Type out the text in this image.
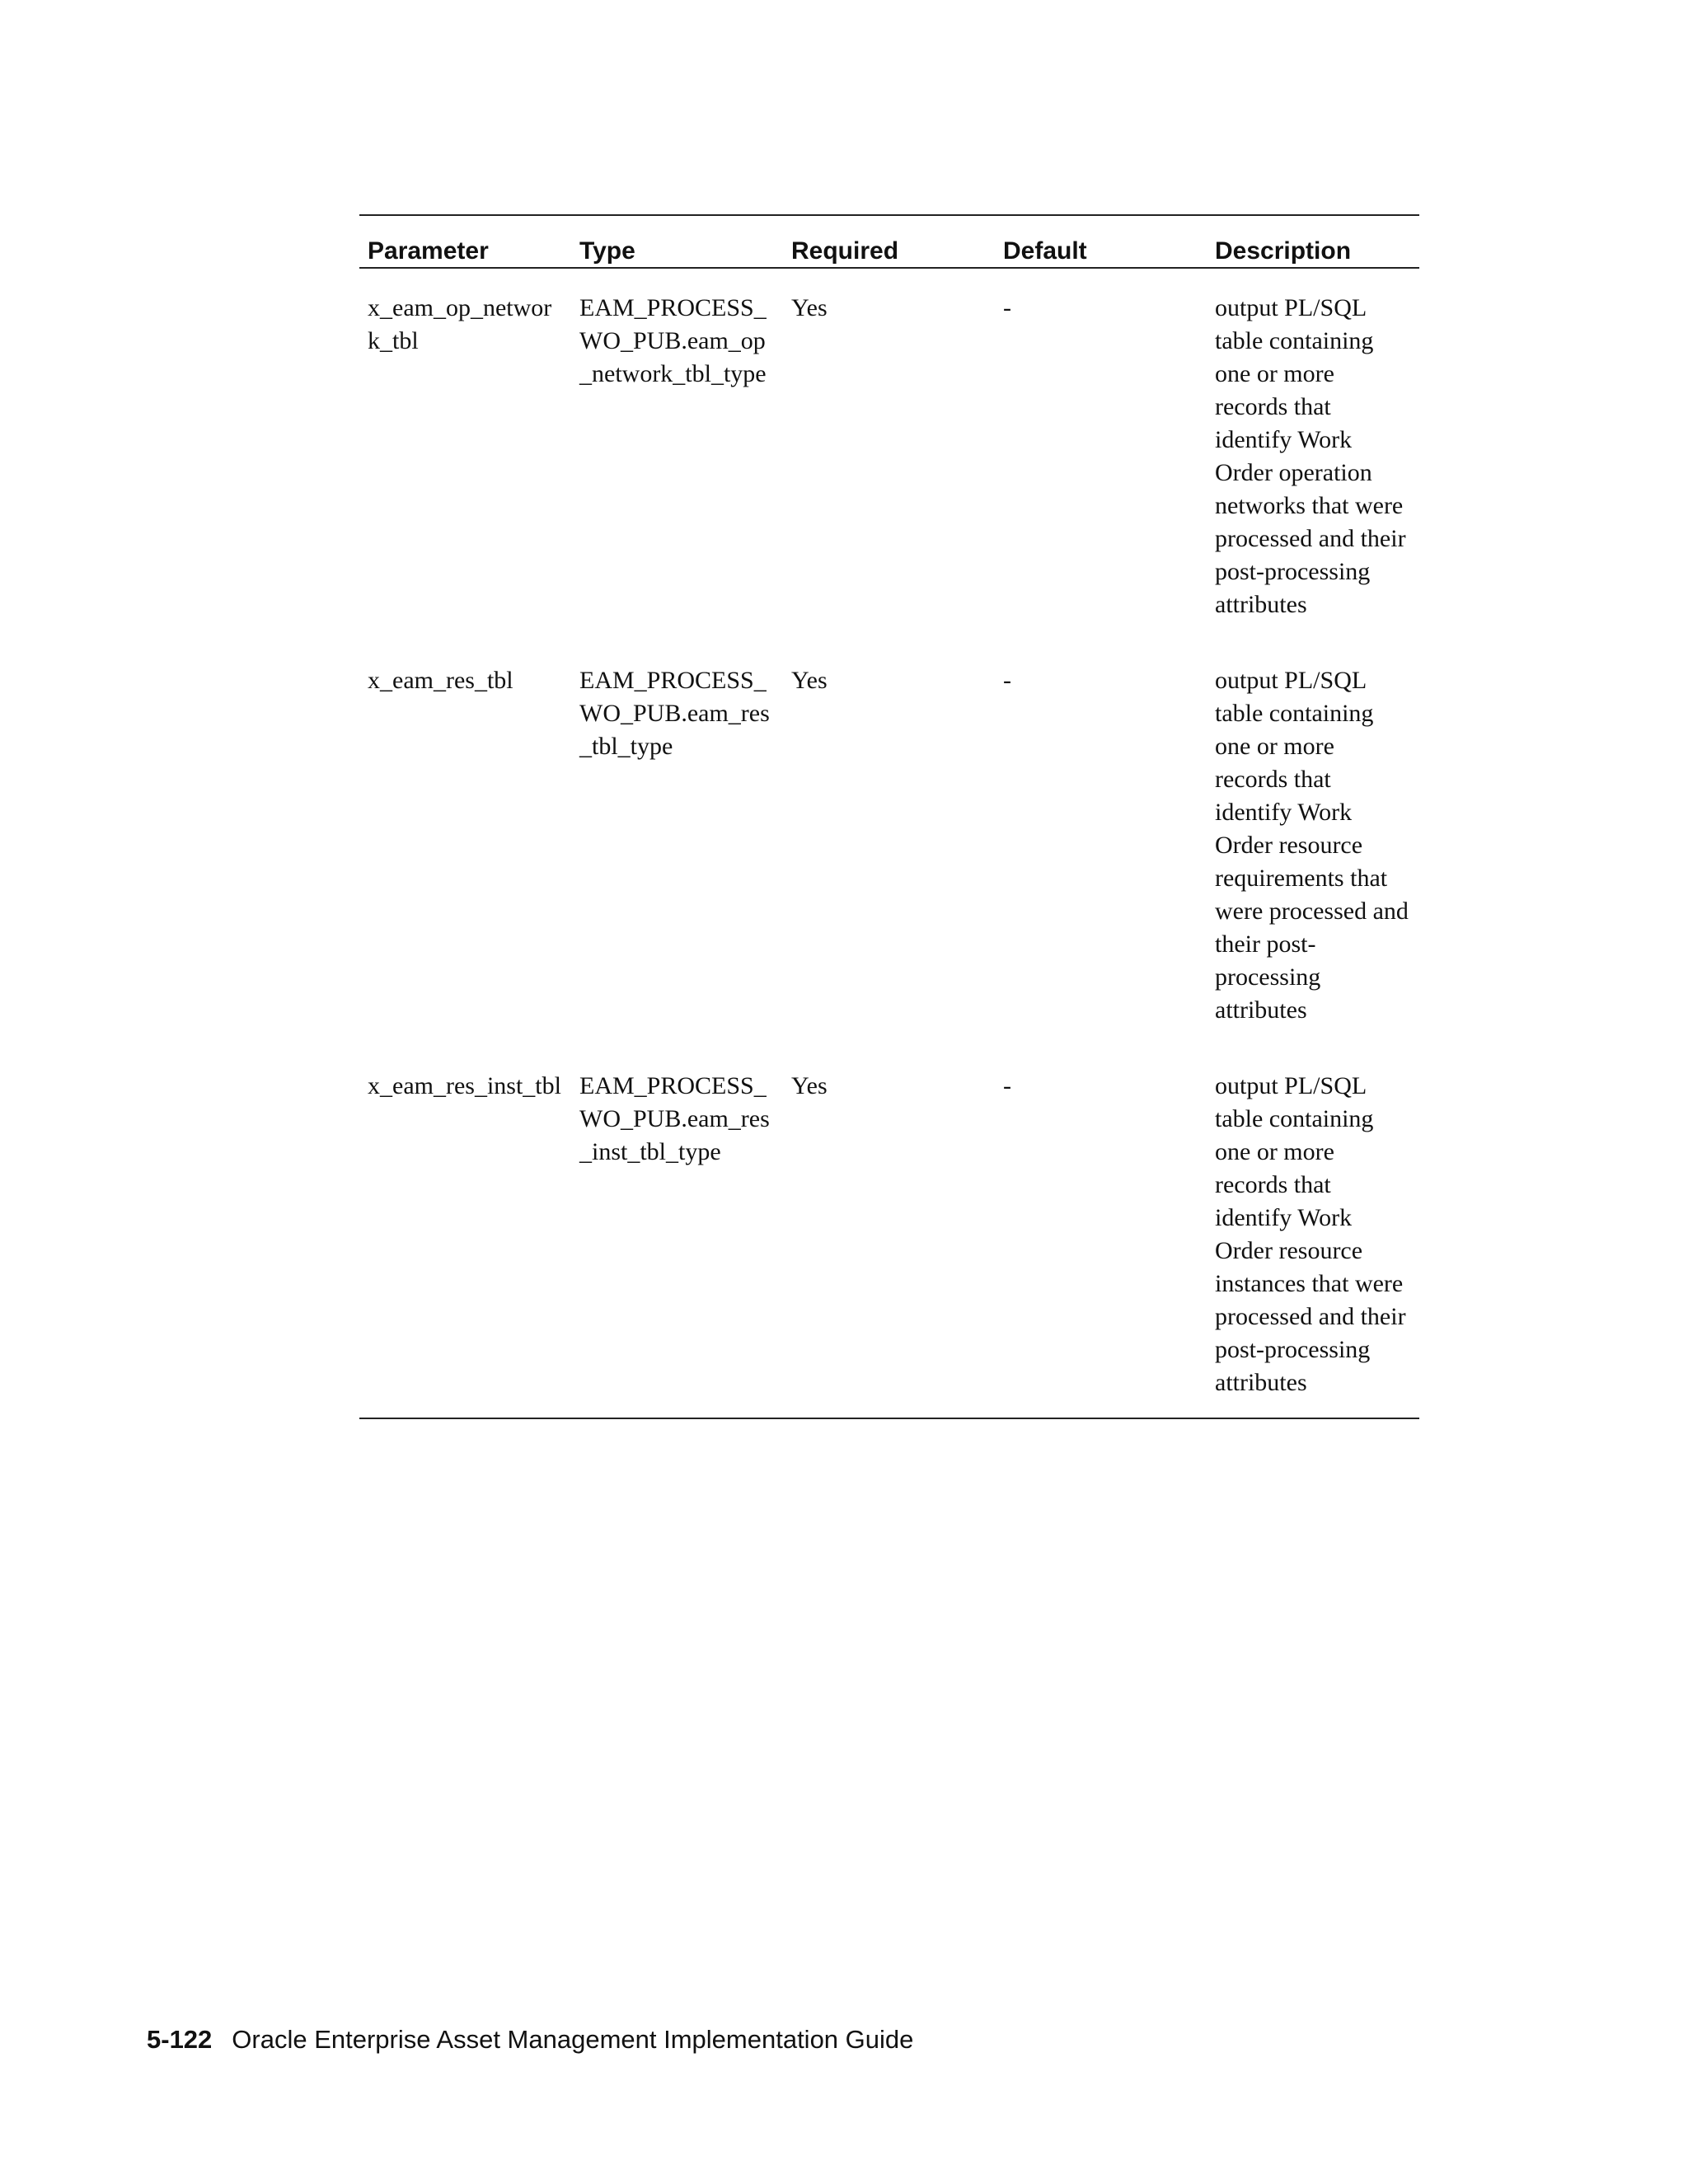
Parameter	Type	Required	Default	Description
x_eam_op_network_tbl	EAM_PROCESS_WO_PUB.eam_op_network_tbl_type	Yes	-	output PL/SQL table containing one or more records that identify Work Order operation networks that were processed and their post-processing attributes
x_eam_res_tbl	EAM_PROCESS_WO_PUB.eam_res_tbl_type	Yes	-	output PL/SQL table containing one or more records that identify Work Order resource requirements that were processed and their post-processing attributes
x_eam_res_inst_tbl	EAM_PROCESS_WO_PUB.eam_res_inst_tbl_type	Yes	-	output PL/SQL table containing one or more records that identify Work Order resource instances that were processed and their post-processing attributes
5-122 Oracle Enterprise Asset Management Implementation Guide
